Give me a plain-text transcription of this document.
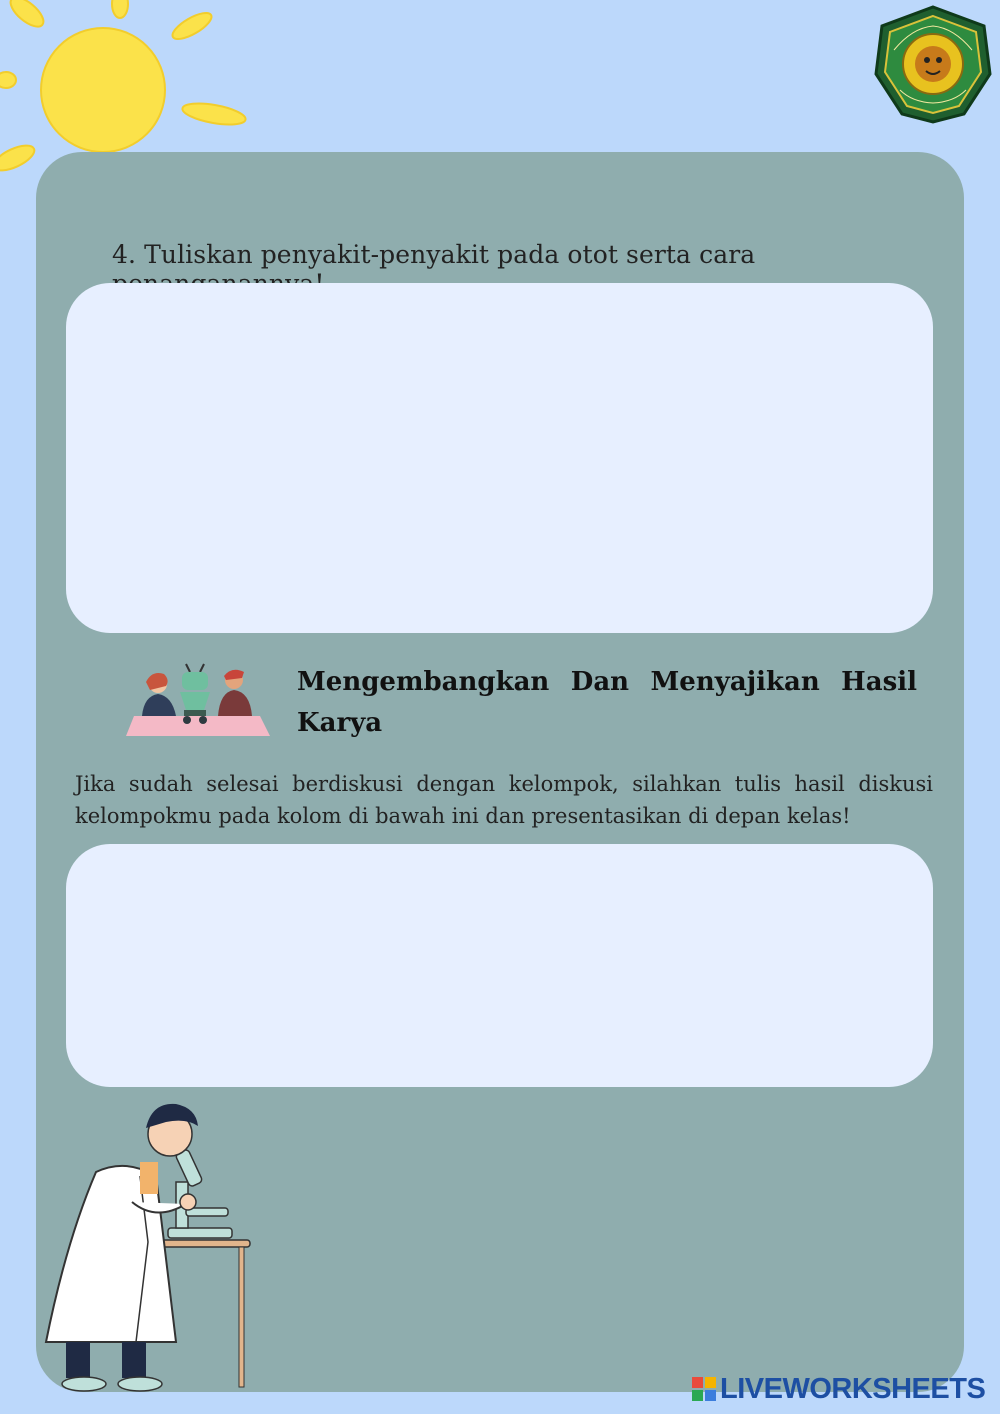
4. Tuliskan penyakit-penyakit pada otot serta cara
Mengembangkan Dan Menyajikan Hasil Karya
Jika sudah selesai berdiskusi dengan kelompok, silahkan tulis hasil diskusi kelompokmu pada kolom di bawah ini dan presentasikan di depan kelas!
LIVEWORKSHEETS
